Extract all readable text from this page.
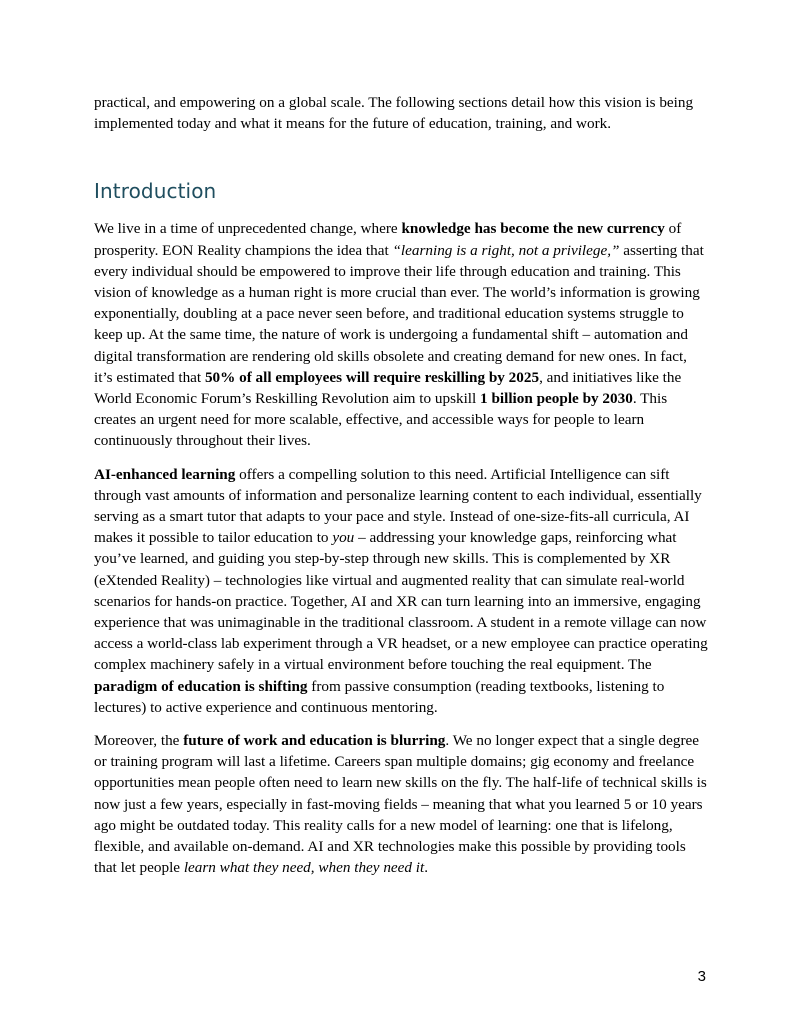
practical, and empowering on a global scale. The following sections detail how this vision is being implemented today and what it means for the future of education, training, and work.

Introduction

We live in a time of unprecedented change, where knowledge has become the new currency of prosperity. EON Reality champions the idea that “learning is a right, not a privilege,” asserting that every individual should be empowered to improve their life through education and training. This vision of knowledge as a human right is more crucial than ever. The world’s information is growing exponentially, doubling at a pace never seen before, and traditional education systems struggle to keep up. At the same time, the nature of work is undergoing a fundamental shift – automation and digital transformation are rendering old skills obsolete and creating demand for new ones. In fact, it’s estimated that 50% of all employees will require reskilling by 2025, and initiatives like the World Economic Forum’s Reskilling Revolution aim to upskill 1 billion people by 2030. This creates an urgent need for more scalable, effective, and accessible ways for people to learn continuously throughout their lives.

AI-enhanced learning offers a compelling solution to this need. Artificial Intelligence can sift through vast amounts of information and personalize learning content to each individual, essentially serving as a smart tutor that adapts to your pace and style. Instead of one-size-fits-all curricula, AI makes it possible to tailor education to you – addressing your knowledge gaps, reinforcing what you’ve learned, and guiding you step-by-step through new skills. This is complemented by XR (eXtended Reality) – technologies like virtual and augmented reality that can simulate real-world scenarios for hands-on practice. Together, AI and XR can turn learning into an immersive, engaging experience that was unimaginable in the traditional classroom. A student in a remote village can now access a world-class lab experiment through a VR headset, or a new employee can practice operating complex machinery safely in a virtual environment before touching the real equipment. The paradigm of education is shifting from passive consumption (reading textbooks, listening to lectures) to active experience and continuous mentoring.

Moreover, the future of work and education is blurring. We no longer expect that a single degree or training program will last a lifetime. Careers span multiple domains; gig economy and freelance opportunities mean people often need to learn new skills on the fly. The half-life of technical skills is now just a few years, especially in fast-moving fields – meaning that what you learned 5 or 10 years ago might be outdated today. This reality calls for a new model of learning: one that is lifelong, flexible, and available on-demand. AI and XR technologies make this possible by providing tools that let people learn what they need, when they need it.

3
